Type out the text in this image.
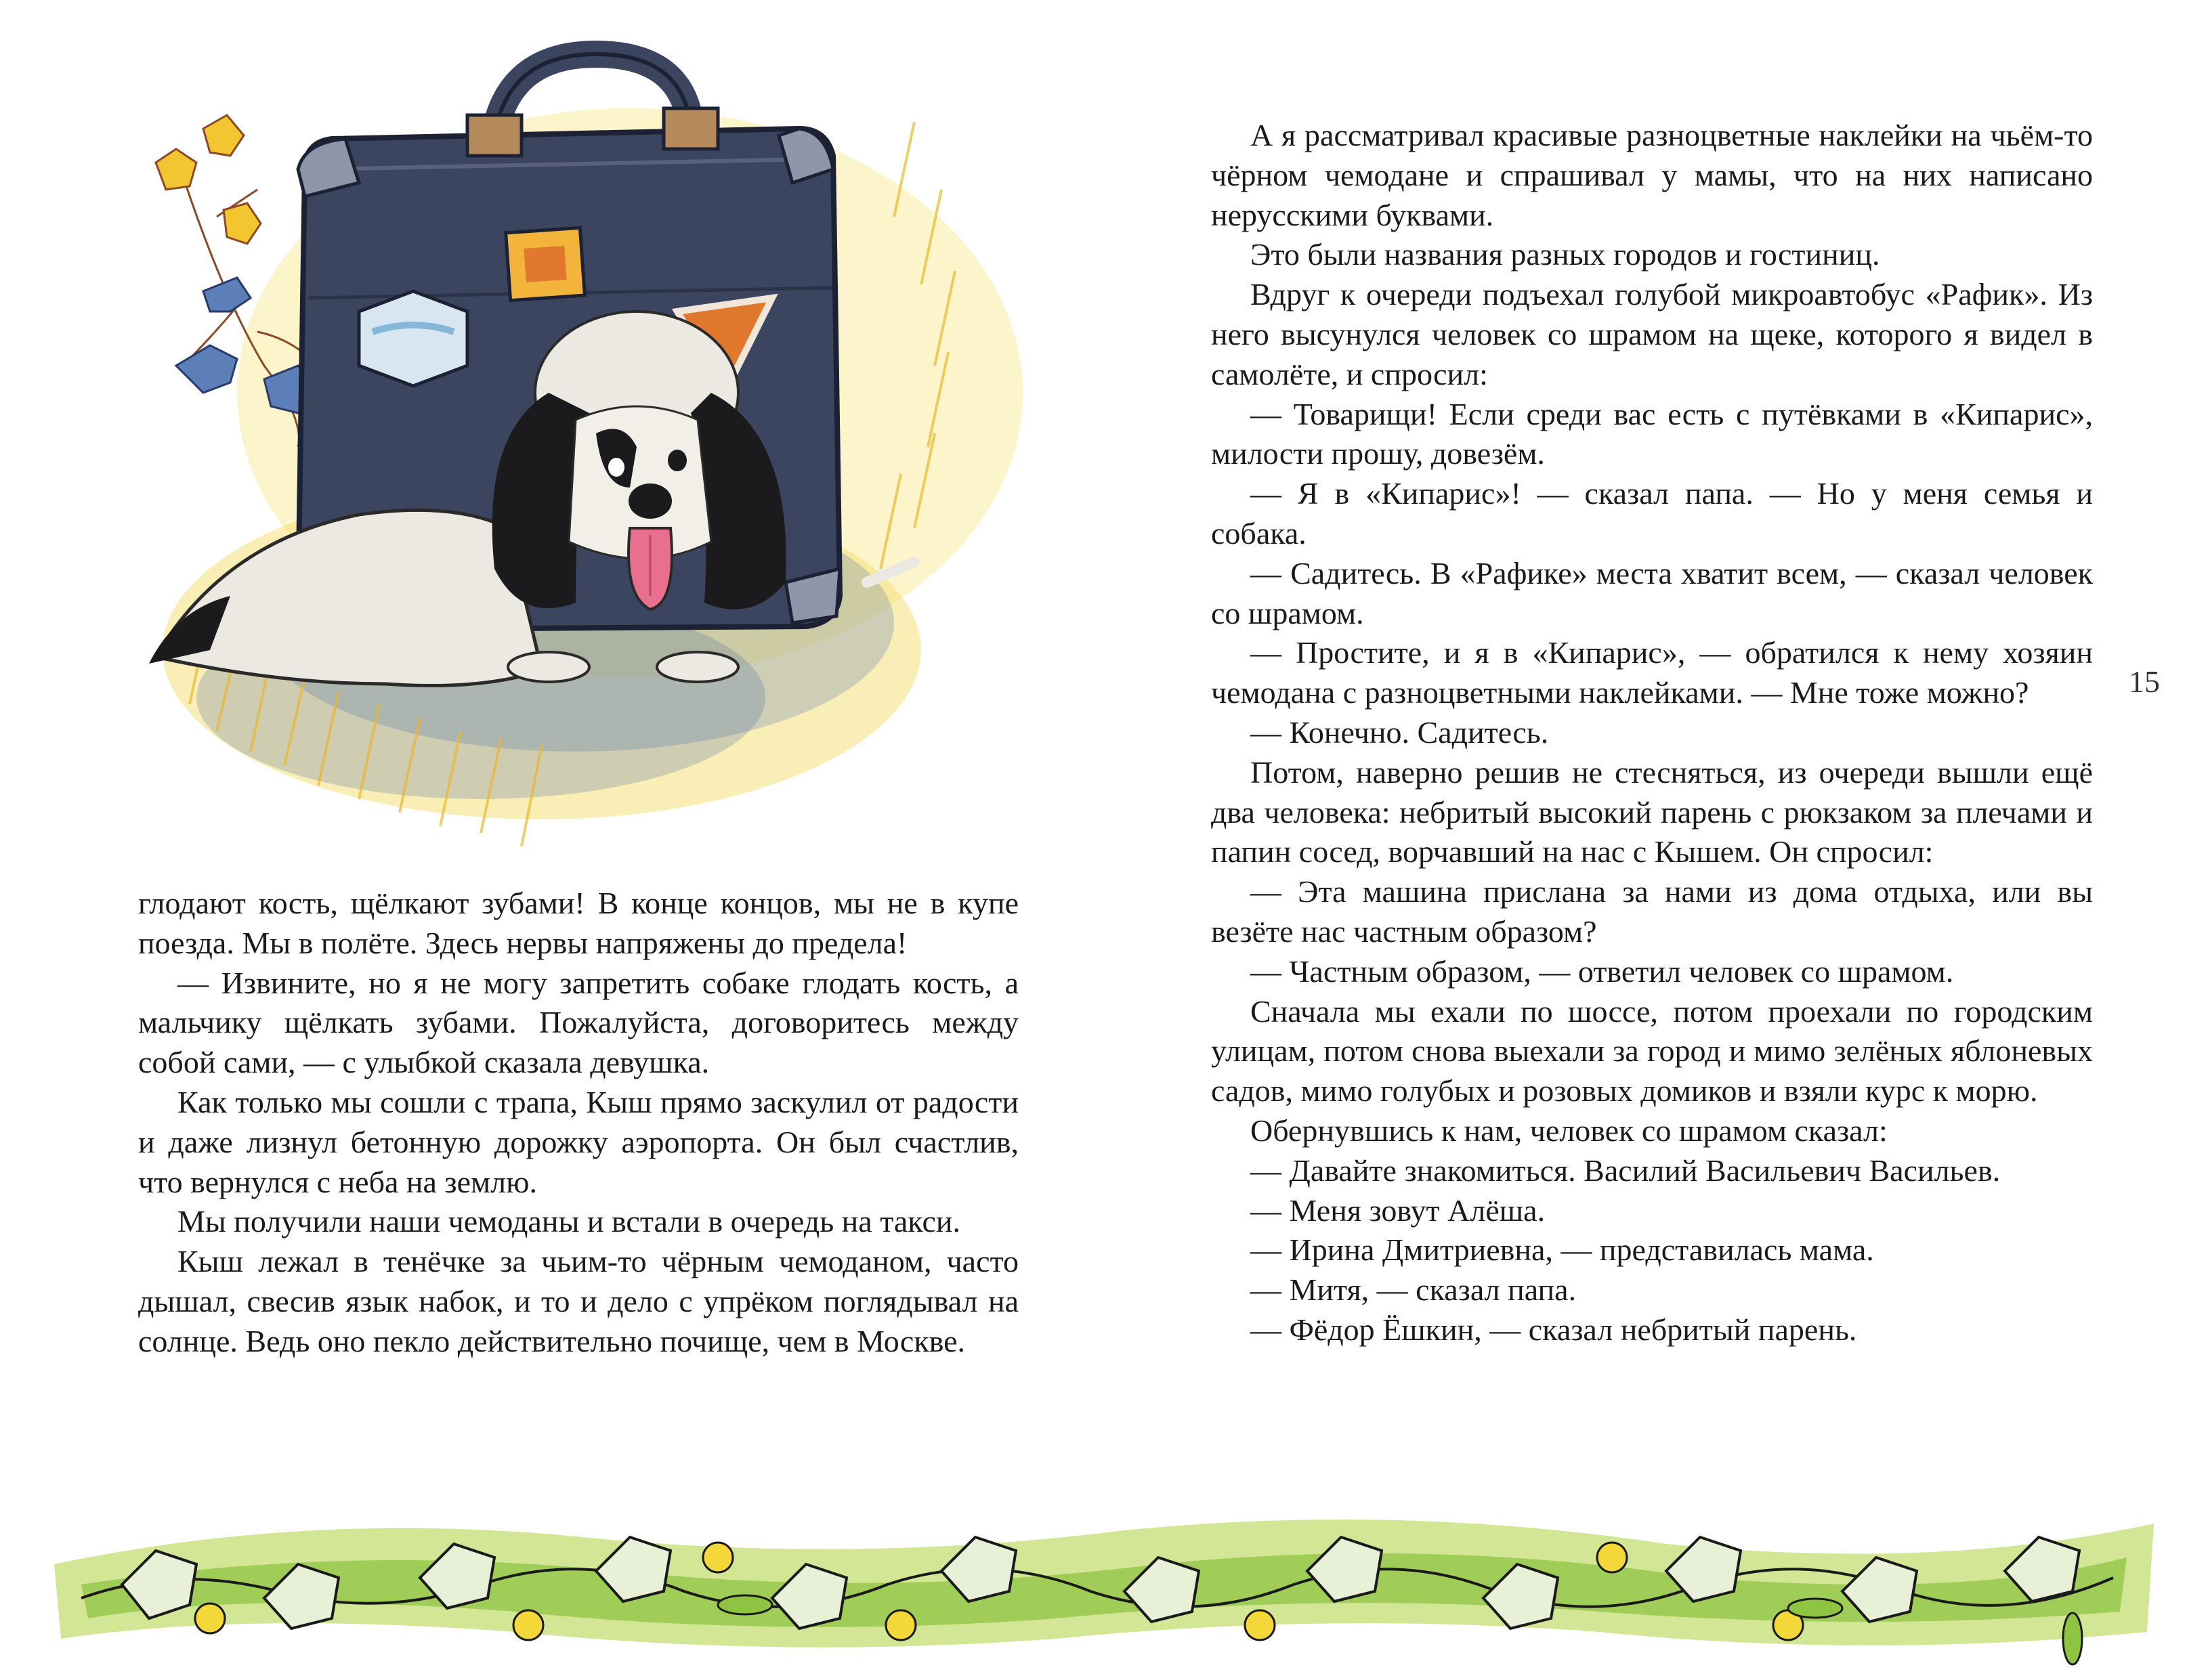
глодают кость, щёлкают зубами! В конце концов, мы не в купе поезда. Мы в полёте. Здесь нервы напряжены до предела!

— Извините, но я не могу запретить собаке глодать кость, а мальчику щёлкать зубами. Пожалуйста, договоритесь между собой сами, — с улыбкой сказала девушка.

Как только мы сошли с трапа, Кыш прямо заскулил от радости и даже лизнул бетонную дорожку аэропорта. Он был счастлив, что вернулся с неба на землю.

Мы получили наши чемоданы и встали в очередь на такси.

Кыш лежал в тенёчке за чьим-то чёрным чемоданом, часто дышал, свесив язык набок, и то и дело с упрёком поглядывал на солнце. Ведь оно пекло действительно почище, чем в Москве.

А я рассматривал красивые разноцветные наклейки на чьём-то чёрном чемодане и спрашивал у мамы, что на них написано нерусскими буквами.

Это были названия разных городов и гостиниц.

Вдруг к очереди подъехал голубой микроавтобус «Рафик». Из него высунулся человек со шрамом на щеке, которого я видел в самолёте, и спросил:

— Товарищи! Если среди вас есть с путёвками в «Кипарис», милости прошу, довезём.

— Я в «Кипарис»! — сказал папа. — Но у меня семья и собака.

— Садитесь. В «Рафике» места хватит всем, — сказал человек со шрамом.

— Простите, и я в «Кипарис», — обратился к нему хозяин чемодана с разноцветными наклейками. — Мне тоже можно?

— Конечно. Садитесь.

Потом, наверно решив не стесняться, из очереди вышли ещё два человека: небритый высокий парень с рюкзаком за плечами и папин сосед, ворчавший на нас с Кышем. Он спросил:

— Эта машина прислана за нами из дома отдыха, или вы везёте нас частным образом?

— Частным образом, — ответил человек со шрамом.

Сначала мы ехали по шоссе, потом проехали по городским улицам, потом снова выехали за город и мимо зелёных яблоневых садов, мимо голубых и розовых домиков и взяли курс к морю.

Обернувшись к нам, человек со шрамом сказал:

— Давайте знакомиться. Василий Васильевич Васильев.

— Меня зовут Алёша.

— Ирина Дмитриевна, — представилась мама.

— Митя, — сказал папа.

— Фёдор Ёшкин, — сказал небритый парень.

15
